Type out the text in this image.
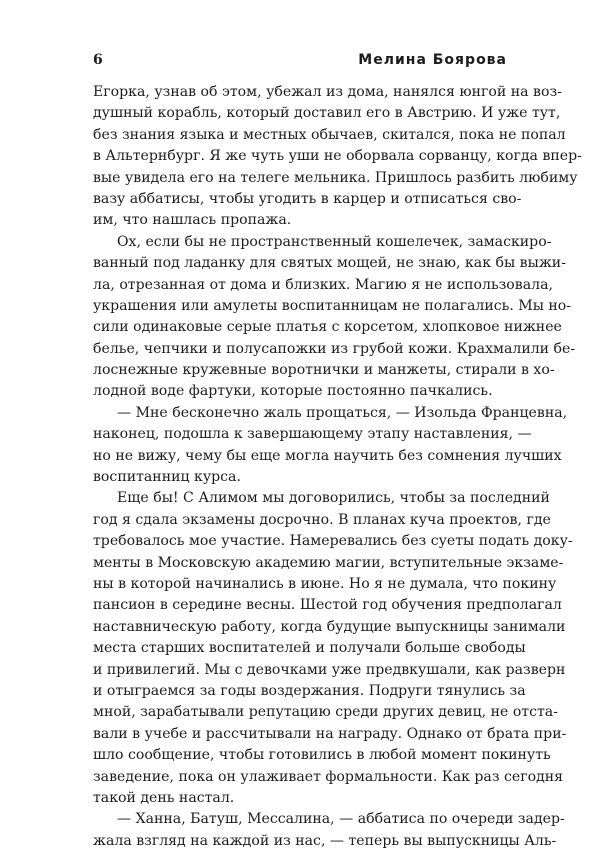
6	Мелина Боярова
Егорка, узнав об этом, убежал из дома, нанялся юнгой на воз-
душный корабль, который доставил его в Австрию. И уже тут,
без знания языка и местных обычаев, скитался, пока не попал
в Альтернбург. Я же чуть уши не оборвала сорванцу, когда впер-
вые увидела его на телеге мельника. Пришлось разбить любиму
вазу аббатисы, чтобы угодить в карцер и отписаться сво-
им, что нашлась пропажа.
Ох, если бы не пространственный кошелечек, замаскиро-
ванный под ладанку для святых мощей, не знаю, как бы выжи-
ла, отрезанная от дома и близких. Магию я не использовала,
украшения или амулеты воспитанницам не полагались. Мы но-
сили одинаковые серые платья с корсетом, хлопковое нижнее
белье, чепчики и полусапожки из грубой кожи. Крахмалили бе-
лоснежные кружевные воротнички и манжеты, стирали в хо-
лодной воде фартуки, которые постоянно пачкались.
— Мне бесконечно жаль прощаться, — Изольда Францевна,
наконец, подошла к завершающему этапу наставления, —
но не вижу, чему бы еще могла научить без сомнения лучших
воспитанниц курса.
Еще бы! С Алимом мы договорились, чтобы за последний
год я сдала экзамены досрочно. В планах куча проектов, где
требовалось мое участие. Намеревались без суеты подать доку-
менты в Московскую академию магии, вступительные экзаме-
ны в которой начинались в июне. Но я не думала, что покину
пансион в середине весны. Шестой год обучения предполагал
наставническую работу, когда будущие выпускницы занимали
места старших воспитателей и получали больше свободы
и привилегий. Мы с девочками уже предвкушали, как разверн
и отыграемся за годы воздержания. Подруги тянулись за
мной, зарабатывали репутацию среди других девиц, не отста-
вали в учебе и рассчитывали на награду. Однако от брата при-
шло сообщение, чтобы готовились в любой момент покинуть
заведение, пока он улаживает формальности. Как раз сегодня
такой день настал.
— Ханна, Батуш, Мессалина, — аббатиса по очереди задер-
жала взгляд на каждой из нас, — теперь вы выпускницы Аль-
